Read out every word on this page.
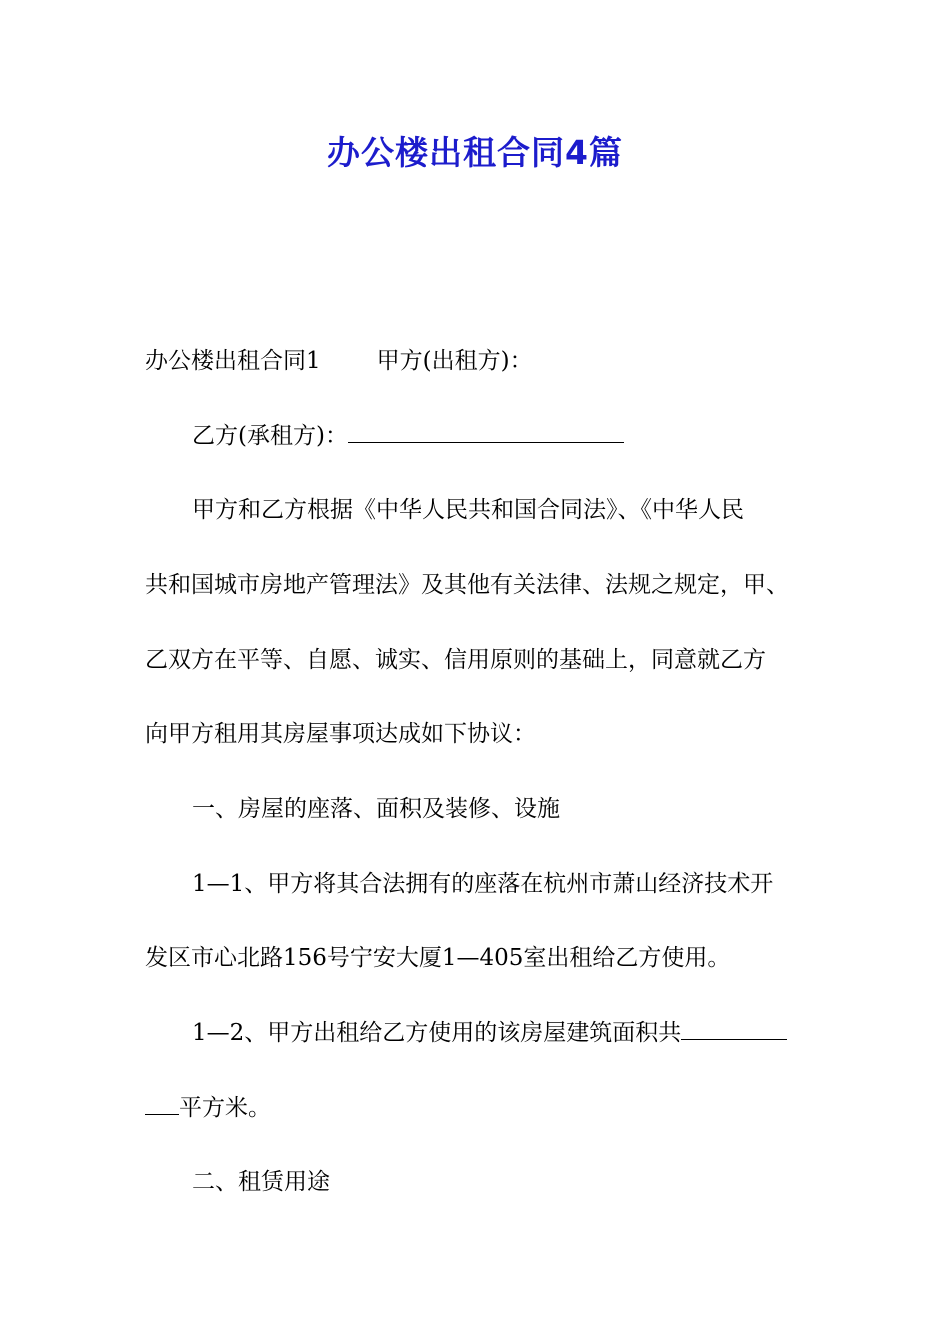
办公楼出租合同4篇
办公楼出租合同1 甲方(出租方)：
乙方(承租方)：
甲方和乙方根据《中华人民共和国合同法》、《中华人民
共和国城市房地产管理法》及其他有关法律、法规之规定，甲、
乙双方在平等、自愿、诚实、信用原则的基础上，同意就乙方
向甲方租用其房屋事项达成如下协议：
一、房屋的座落、面积及装修、设施
1—1、甲方将其合法拥有的座落在杭州市萧山经济技术开
发区市心北路156号宁安大厦1—405室出租给乙方使用。
1—2、甲方出租给乙方使用的该房屋建筑面积共
平方米。
二、租赁用途
